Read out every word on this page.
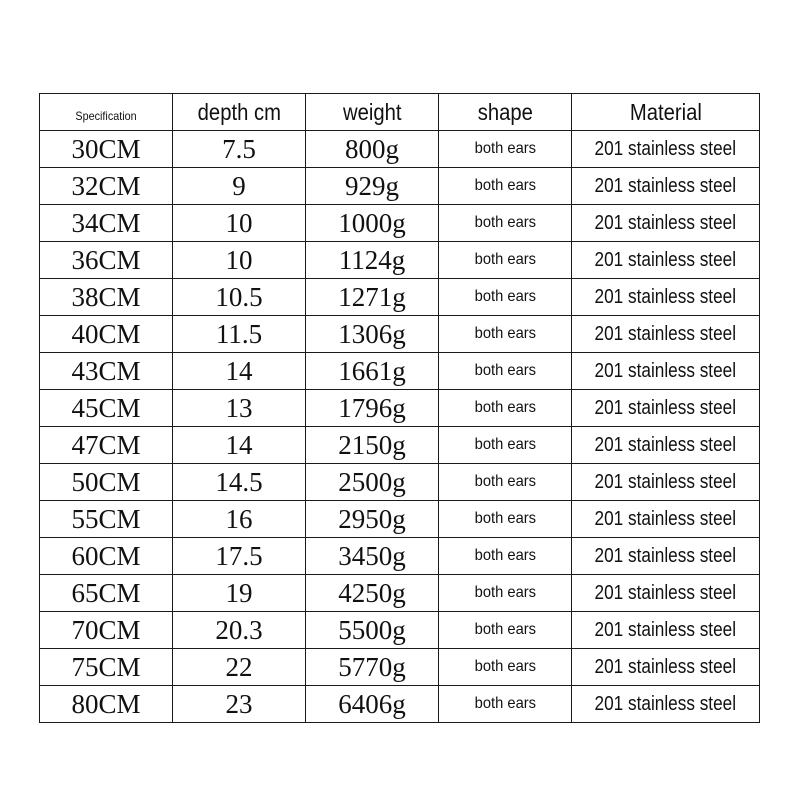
Specification	depth cm	weight	shape	Material
30CM	7.5	800g	both ears	201 stainless steel
32CM	9	929g	both ears	201 stainless steel
34CM	10	1000g	both ears	201 stainless steel
36CM	10	1124g	both ears	201 stainless steel
38CM	10.5	1271g	both ears	201 stainless steel
40CM	11.5	1306g	both ears	201 stainless steel
43CM	14	1661g	both ears	201 stainless steel
45CM	13	1796g	both ears	201 stainless steel
47CM	14	2150g	both ears	201 stainless steel
50CM	14.5	2500g	both ears	201 stainless steel
55CM	16	2950g	both ears	201 stainless steel
60CM	17.5	3450g	both ears	201 stainless steel
65CM	19	4250g	both ears	201 stainless steel
70CM	20.3	5500g	both ears	201 stainless steel
75CM	22	5770g	both ears	201 stainless steel
80CM	23	6406g	both ears	201 stainless steel
